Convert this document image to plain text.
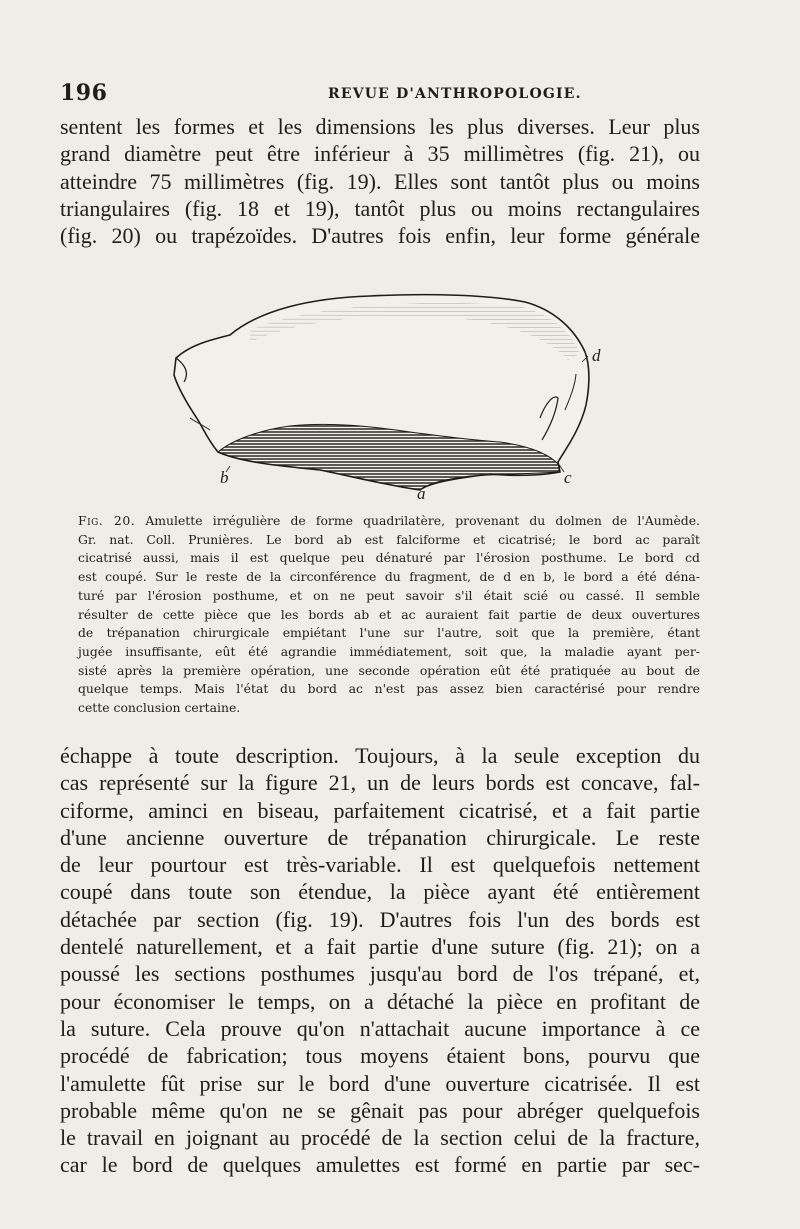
196	REVUE D'ANTHROPOLOGIE.

sentent les formes et les dimensions les plus diverses. Leur plus
grand diamètre peut être inférieur à 35 millimètres (fig. 21), ou
atteindre 75 millimètres (fig. 19). Elles sont tantôt plus ou moins
triangulaires (fig. 18 et 19), tantôt plus ou moins rectangulaires
(fig. 20) ou trapézoïdes. D'autres fois enfin, leur forme générale

d
b	c
a

Fig. 20. Amulette irrégulière de forme quadrilatère, provenant du dolmen de l'Aumède.
Gr. nat. Coll. Prunières. Le bord ab est falciforme et cicatrisé; le bord ac paraît
cicatrisé aussi, mais il est quelque peu dénaturé par l'érosion posthume. Le bord cd
est coupé. Sur le reste de la circonférence du fragment, de d en b, le bord a été déna-
turé par l'érosion posthume, et on ne peut savoir s'il était scié ou cassé. Il semble
résulter de cette pièce que les bords ab et ac auraient fait partie de deux ouvertures
de trépanation chirurgicale empiétant l'une sur l'autre, soit que la première, étant
jugée insuffisante, eût été agrandie immédiatement, soit que, la maladie ayant per-
sisté après la première opération, une seconde opération eût été pratiquée au bout de
quelque temps. Mais l'état du bord ac n'est pas assez bien caractérisé pour rendre
cette conclusion certaine.

échappe à toute description. Toujours, à la seule exception du
cas représenté sur la figure 21, un de leurs bords est concave, fal-
ciforme, aminci en biseau, parfaitement cicatrisé, et a fait partie
d'une ancienne ouverture de trépanation chirurgicale. Le reste
de leur pourtour est très-variable. Il est quelquefois nettement
coupé dans toute son étendue, la pièce ayant été entièrement
détachée par section (fig. 19). D'autres fois l'un des bords est
dentelé naturellement, et a fait partie d'une suture (fig. 21); on a
poussé les sections posthumes jusqu'au bord de l'os trépané, et,
pour économiser le temps, on a détaché la pièce en profitant de
la suture. Cela prouve qu'on n'attachait aucune importance à ce
procédé de fabrication; tous moyens étaient bons, pourvu que
l'amulette fût prise sur le bord d'une ouverture cicatrisée. Il est
probable même qu'on ne se gênait pas pour abréger quelquefois
le travail en joignant au procédé de la section celui de la fracture,
car le bord de quelques amulettes est formé en partie par sec-
